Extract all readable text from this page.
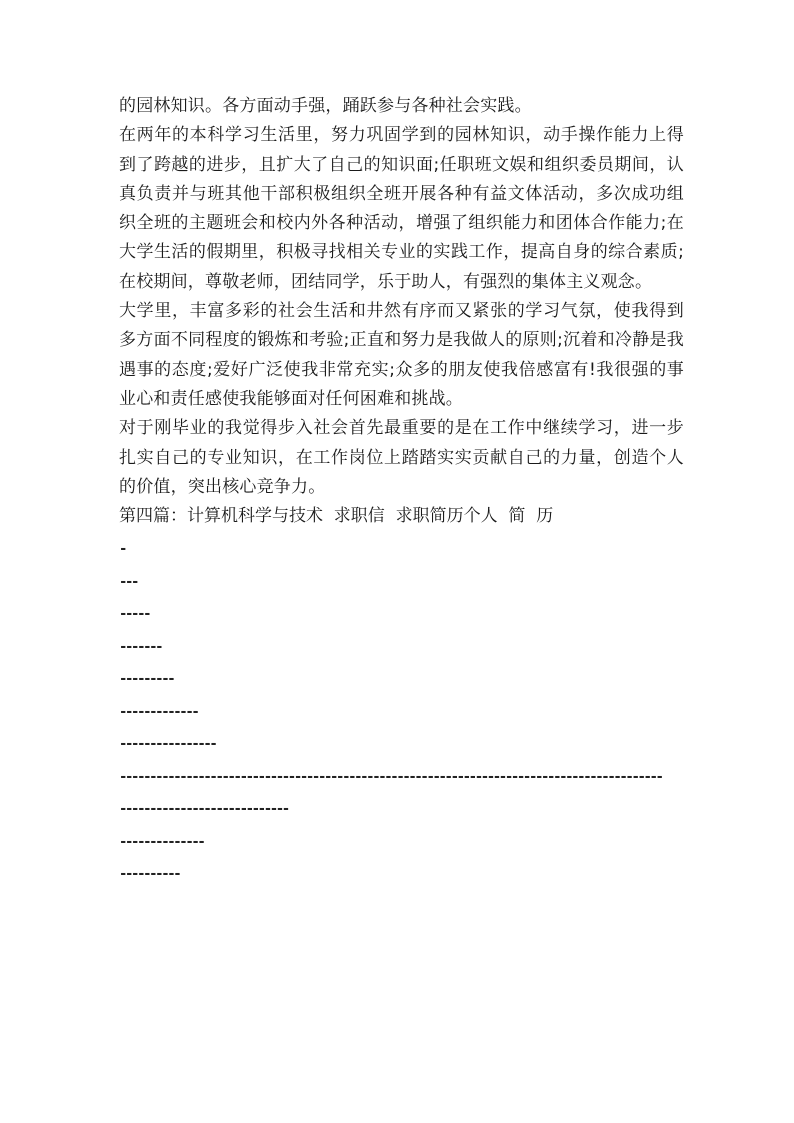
的园林知识。各方面动手强，踊跃参与各种社会实践。

在两年的本科学习生活里，努力巩固学到的园林知识，动手操作能力上得到了跨越的进步，且扩大了自己的知识面;任职班文娱和组织委员期间，认真负责并与班其他干部积极组织全班开展各种有益文体活动，多次成功组织全班的主题班会和校内外各种活动，增强了组织能力和团体合作能力;在大学生活的假期里，积极寻找相关专业的实践工作，提高自身的综合素质;在校期间，尊敬老师，团结同学，乐于助人，有强烈的集体主义观念。

大学里，丰富多彩的社会生活和井然有序而又紧张的学习气氛，使我得到多方面不同程度的锻炼和考验;正直和努力是我做人的原则;沉着和冷静是我遇事的态度;爱好广泛使我非常充实;众多的朋友使我倍感富有!我很强的事业心和责任感使我能够面对任何困难和挑战。

对于刚毕业的我觉得步入社会首先最重要的是在工作中继续学习，进一步扎实自己的专业知识，在工作岗位上踏踏实实贡献自己的力量，创造个人的价值，突出核心竞争力。

第四篇：计算机科学与技术  求职信  求职简历个人  简  历

-
---
-----
-------
---------
-------------
----------------
------------------------------------------------------------------------------------------
----------------------------
--------------
----------
